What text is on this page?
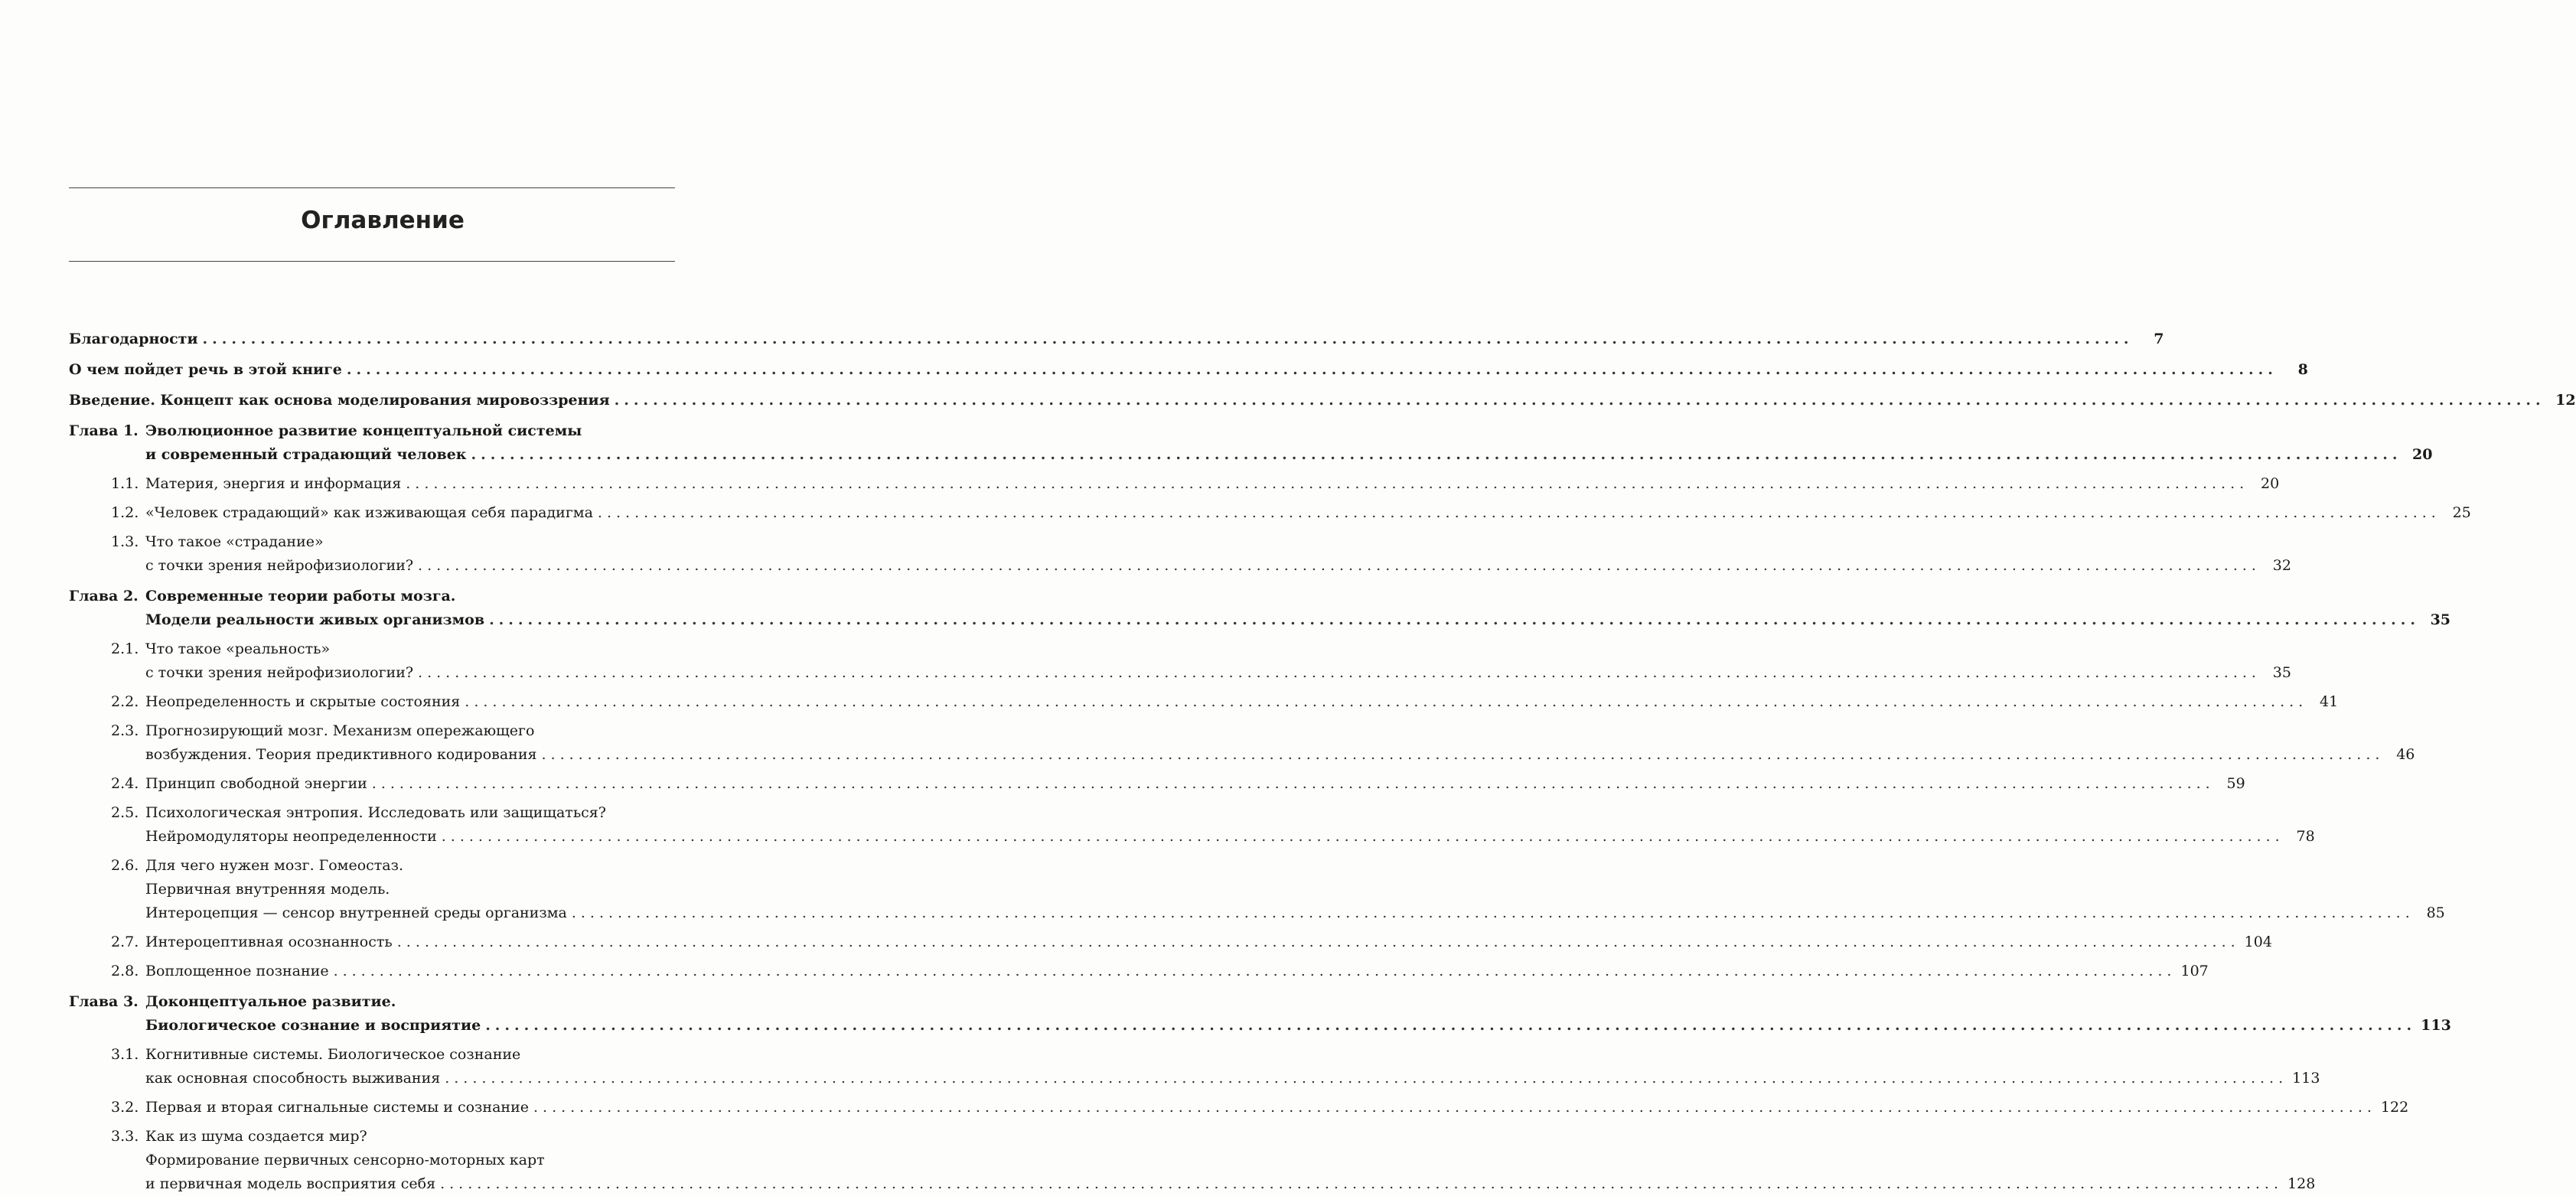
Оглавление
Благодарности ........................................................................................................................................................................................................	7
О чем пойдет речь в этой книге ........................................................................................................................................................................................................	8
Введение. Концепт как основа моделирования мировоззрения ........................................................................................................................................................................................................ 12
Глава 1. Эволюционное развитие концептуальной системы
и современный страдающий человек ........................................................................................................................................................................................................ 20
1.1. Материя, энергия и информация ........................................................................................................................................................................................................ 20
1.2. «Человек страдающий» как изживающая себя парадигма ........................................................................................................................................................................................................ 25
1.3. Что такое «страдание»
с точки зрения нейрофизиологии? ........................................................................................................................................................................................................ 32
Глава 2. Современные теории работы мозга.
Модели реальности живых организмов ........................................................................................................................................................................................................ 35
2.1. Что такое «реальность»
с точки зрения нейрофизиологии? ........................................................................................................................................................................................................ 35
2.2. Неопределенность и скрытые состояния ........................................................................................................................................................................................................ 41
2.3. Прогнозирующий мозг. Механизм опережающего
возбуждения. Теория предиктивного кодирования ........................................................................................................................................................................................................ 46
2.4. Принцип свободной энергии ........................................................................................................................................................................................................ 59
2.5. Психологическая энтропия. Исследовать или защищаться?
Нейромодуляторы неопределенности ........................................................................................................................................................................................................ 78
2.6. Для чего нужен мозг. Гомеостаз.
Первичная внутренняя модель.
Интероцепция — сенсор внутренней среды организма ........................................................................................................................................................................................................ 85
2.7. Интероцептивная осознанность ........................................................................................................................................................................................................ 104
2.8. Воплощенное познание ........................................................................................................................................................................................................ 107
Глава 3. Доконцептуальное развитие.
Биологическое сознание и восприятие ........................................................................................................................................................................................................ 113
3.1. Когнитивные системы. Биологическое сознание
как основная способность выживания ........................................................................................................................................................................................................ 113
3.2. Первая и вторая сигнальные системы и сознание ........................................................................................................................................................................................................ 122
3.3. Как из шума создается мир?
Формирование первичных сенсорно-моторных карт
и первичная модель восприятия себя ........................................................................................................................................................................................................ 128
